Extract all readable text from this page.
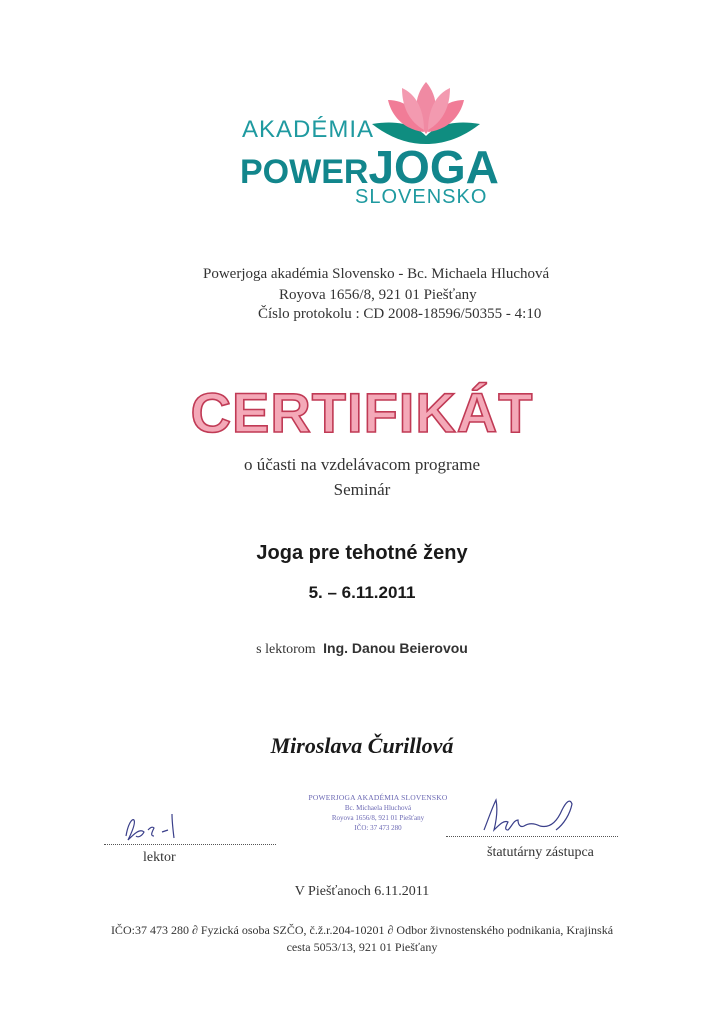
AKADÉMIA
POWERJOGA
SLOVENSKO
Powerjoga akadémia Slovensko - Bc. Michaela Hluchová
Royova 1656/8, 921 01 Piešťany
Číslo protokolu : CD 2008-18596/50355 - 4:10
CERTIFIKÁT
o účasti na vzdelávacom programe
Seminár
Joga pre tehotné ženy
5. – 6.11.2011
s lektorom Ing. Danou Beierovou
Miroslava Čurillová
lektor
POWERJOGA AKADÉMIA SLOVENSKO
Bc. Michaela Hluchová
Royova 1656/8, 921 01 Piešťany
IČO: 37 473 280
štatutárny zástupca
V Piešťanoch 6.11.2011
IČO:37 473 280 ∂ Fyzická osoba SZČO, č.ž.r.204-10201 ∂ Odbor živnostenského podnikania, Krajinská
cesta 5053/13, 921 01 Piešťany
